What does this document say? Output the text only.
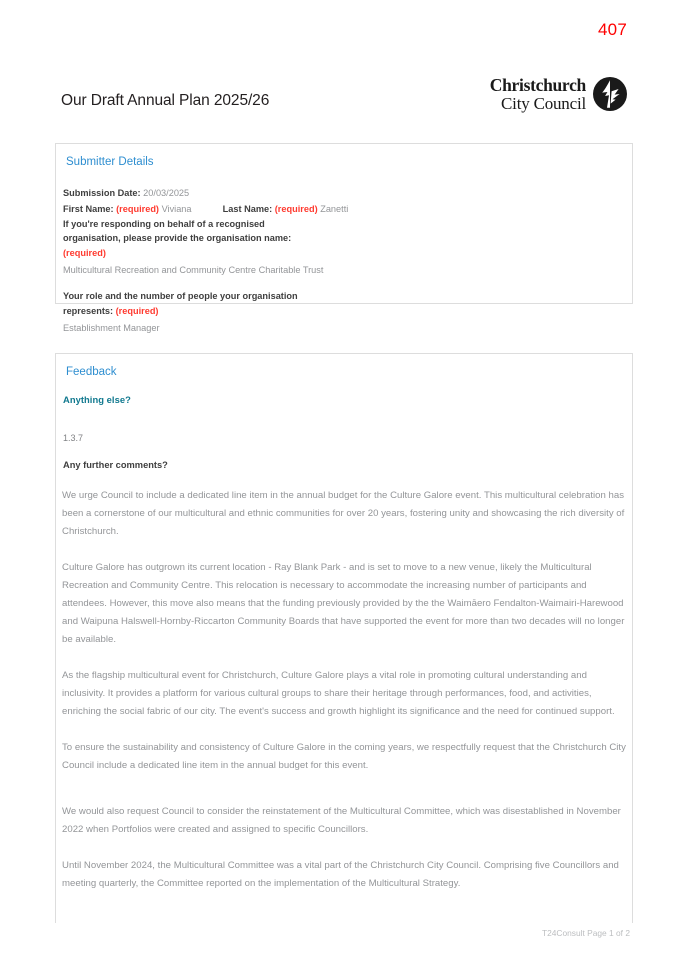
407
Our Draft Annual Plan 2025/26
Christchurch
City Council
Submitter Details
Submission Date: 20/03/2025
First Name: (required) Viviana	Last Name: (required) Zanetti
If you're responding on behalf of a recognised organisation, please provide the organisation name: (required)
Multicultural Recreation and Community Centre Charitable Trust
Your role and the number of people your organisation represents: (required)
Establishment Manager
Feedback
Anything else?
1.3.7
Any further comments?

We urge Council to include a dedicated line item in the annual budget for the Culture Galore event. This multicultural celebration has been a cornerstone of our multicultural and ethnic communities for over 20 years, fostering unity and showcasing the rich diversity of Christchurch.

Culture Galore has outgrown its current location - Ray Blank Park - and is set to move to a new venue, likely the Multicultural Recreation and Community Centre. This relocation is necessary to accommodate the increasing number of participants and attendees. However, this move also means that the funding previously provided by the the Waimāero Fendalton-Waimairi-Harewood and Waipuna Halswell-Hornby-Riccarton Community Boards that have supported the event for more than two decades will no longer be available.

As the flagship multicultural event for Christchurch, Culture Galore plays a vital role in promoting cultural understanding and inclusivity. It provides a platform for various cultural groups to share their heritage through performances, food, and activities, enriching the social fabric of our city. The event's success and growth highlight its significance and the need for continued support.

To ensure the sustainability and consistency of Culture Galore in the coming years, we respectfully request that the Christchurch City Council include a dedicated line item in the annual budget for this event.

We would also request Council to consider the reinstatement of the Multicultural Committee, which was disestablished in November 2022 when Portfolios were created and assigned to specific Councillors.

Until November 2024, the Multicultural Committee was a vital part of the Christchurch City Council. Comprising five Councillors and meeting quarterly, the Committee reported on the implementation of the Multicultural Strategy.

T24Consult Page 1 of 2
